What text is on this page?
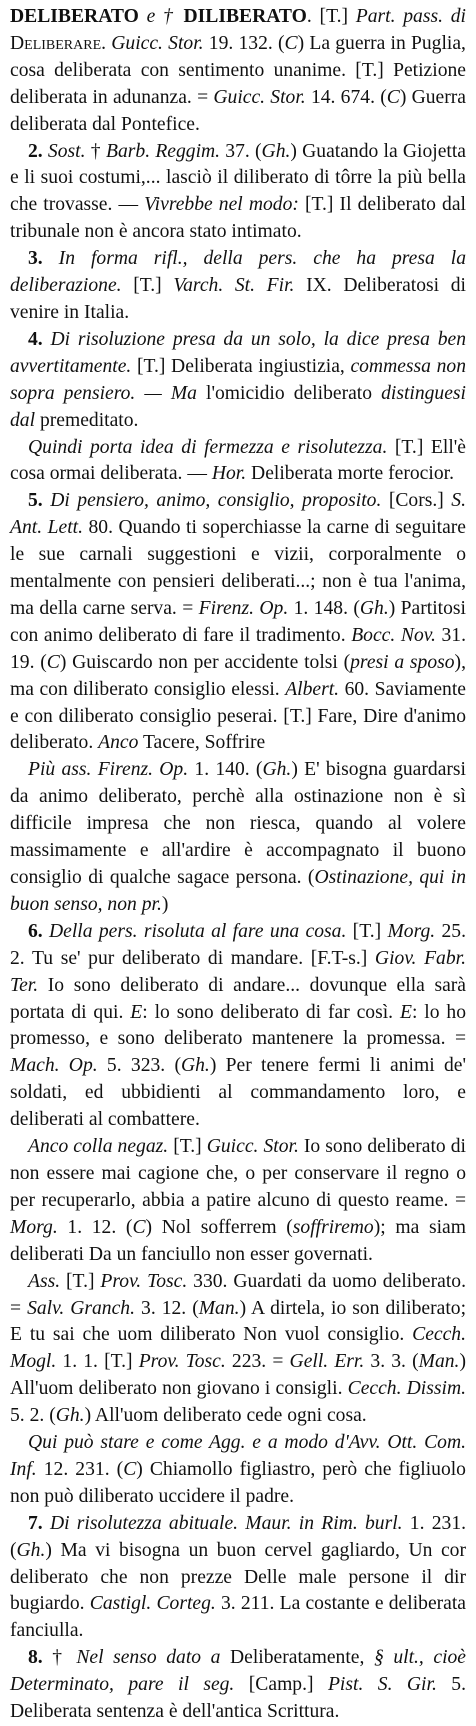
DELIBERATO e † DILIBERATO. [T.] Part. pass. di Deliberare. Guicc. Stor. 19. 132. (C) La guerra in Puglia, cosa deliberata con sentimento unanime. [T.] Petizione deliberata in adunanza. = Guicc. Stor. 14. 674. (C) Guerra deliberata dal Pontefice.

2. Sost. † Barb. Reggim. 37. (Gh.) Guatando la Giojetta e li suoi costumi,... lasciò il diliberato di tôrre la più bella che trovasse. — Vivrebbe nel modo: [T.] Il deliberato dal tribunale non è ancora stato intimato.

3. In forma rifl., della pers. che ha presa la deliberazione. [T.] Varch. St. Fir. IX. Deliberatosi di venire in Italia.

4. Di risoluzione presa da un solo, la dice presa ben avvertitamente. [T.] Deliberata ingiustizia, commessa non sopra pensiero. — Ma l'omicidio deliberato distinguesi dal premeditato.

Quindi porta idea di fermezza e risolutezza. [T.] Ell'è cosa ormai deliberata. — Hor. Deliberata morte ferocior.

5. Di pensiero, animo, consiglio, proposito. [Cors.] S. Ant. Lett. 80. Quando ti soperchiasse la carne di seguitare le sue carnali suggestioni e vizii, corporalmente o mentalmente con pensieri deliberati...; non è tua l'anima, ma della carne serva. = Firenz. Op. 1. 148. (Gh.) Partitosi con animo deliberato di fare il tradimento. Bocc. Nov. 31. 19. (C) Guiscardo non per accidente tolsi (presi a sposo), ma con diliberato consiglio elessi. Albert. 60. Saviamente e con diliberato consiglio peserai. [T.] Fare, Dire d'animo deliberato. Anco Tacere, Soffrire

Più ass. Firenz. Op. 1. 140. (Gh.) E' bisogna guardarsi da animo deliberato, perchè alla ostinazione non è sì difficile impresa che non riesca, quando al volere massimamente e all'ardire è accompagnato il buono consiglio di qualche sagace persona. (Ostinazione, qui in buon senso, non pr.)

6. Della pers. risoluta al fare una cosa. [T.] Morg. 25. 2. Tu se' pur deliberato di mandare. [F.T-s.] Giov. Fabr. Ter. Io sono deliberato di andare... dovunque ella sarà portata di qui. E: lo sono deliberato di far così. E: lo ho promesso, e sono deliberato mantenere la promessa. = Mach. Op. 5. 323. (Gh.) Per tenere fermi li animi de' soldati, ed ubbidienti al commandamento loro, e deliberati al combattere.

Anco colla negaz. [T.] Guicc. Stor. Io sono deliberato di non essere mai cagione che, o per conservare il regno o per recuperarlo, abbia a patire alcuno di questo reame. = Morg. 1. 12. (C) Nol sofferrem (soffriremo); ma siam deliberati Da un fanciullo non esser governati.

Ass. [T.] Prov. Tosc. 330. Guardati da uomo deliberato. = Salv. Granch. 3. 12. (Man.) A dirtela, io son diliberato; E tu sai che uom diliberato Non vuol consiglio. Cecch. Mogl. 1. 1. [T.] Prov. Tosc. 223. = Gell. Err. 3. 3. (Man.) All'uom deliberato non giovano i consigli. Cecch. Dissim. 5. 2. (Gh.) All'uom deliberato cede ogni cosa.

Qui può stare e come Agg. e a modo d'Avv. Ott. Com. Inf. 12. 231. (C) Chiamollo figliastro, però che figliuolo non può diliberato uccidere il padre.

7. Di risolutezza abituale. Maur. in Rim. burl. 1. 231. (Gh.) Ma vi bisogna un buon cervel gagliardo, Un cor deliberato che non prezze Delle male persone il dir bugiardo. Castigl. Corteg. 3. 211. La costante e deliberata fanciulla.

8. † Nel senso dato a Deliberatamente, § ult., cioè Determinato, pare il seg. [Camp.] Pist. S. Gir. 5. Deliberata sentenza è dell'antica Scrittura.
